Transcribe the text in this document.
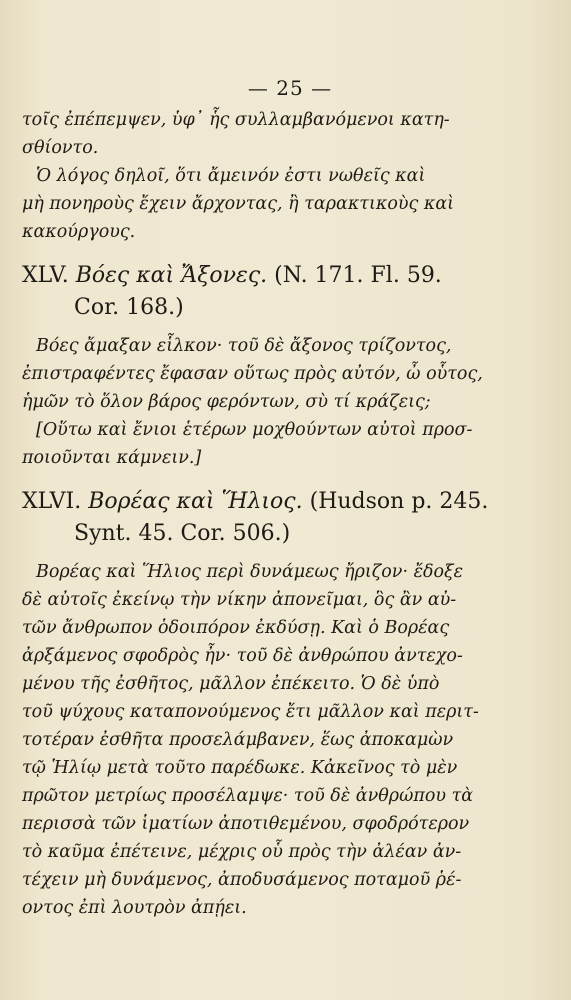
— 25 —
τοῖς ἐπέπεμψεν, ὑφ᾽ ἧς συλλαμβανόμενοι κατη-
σθίοντο.
Ὁ λόγος δηλοῖ, ὅτι ἄμεινόν ἐστι νωθεῖς καὶ
μὴ πονηροὺς ἔχειν ἄρχοντας, ἢ ταρακτικοὺς καὶ
κακούργους.
XLV. Βόες καὶ Ἄξονες. (N. 171. Fl. 59.
Cor. 168.)
Βόες ἄμαξαν εἷλκον· τοῦ δὲ ἄξονος τρίζοντος,
ἐπιστραφέντες ἔφασαν οὕτως πρὸς αὐτόν, ὦ οὗτος,
ἡμῶν τὸ ὅλον βάρος φερόντων, σὺ τί κράζεις;
[Οὕτω καὶ ἔνιοι ἑτέρων μοχθούντων αὐτοὶ προσ-
ποιοῦνται κάμνειν.]
XLVI. Βορέας καὶ Ἥλιος. (Hudson p. 245.
Synt. 45. Cor. 506.)
Βορέας καὶ Ἥλιος περὶ δυνάμεως ἤριζον· ἔδοξε
δὲ αὐτοῖς ἐκείνῳ τὴν νίκην ἀπονεῖμαι, ὃς ἂν αὐ-
τῶν ἄνθρωπον ὁδοιπόρον ἐκδύσῃ. Καὶ ὁ Βορέας
ἀρξάμενος σφοδρὸς ἦν· τοῦ δὲ ἀνθρώπου ἀντεχο-
μένου τῆς ἐσθῆτος, μᾶλλον ἐπέκειτο. Ὁ δὲ ὑπὸ
τοῦ ψύχους καταπονούμενος ἔτι μᾶλλον καὶ περιτ-
τοτέραν ἐσθῆτα προσελάμβανεν, ἕως ἀποκαμὼν
τῷ Ἡλίῳ μετὰ τοῦτο παρέδωκε. Κἀκεῖνος τὸ μὲν
πρῶτον μετρίως προσέλαμψε· τοῦ δὲ ἀνθρώπου τὰ
περισσὰ τῶν ἱματίων ἀποτιθεμένου, σφοδρότερον
τὸ καῦμα ἐπέτεινε, μέχρις οὗ πρὸς τὴν ἀλέαν ἀν-
τέχειν μὴ δυνάμενος, ἀποδυσάμενος ποταμοῦ ῥέ-
οντος ἐπὶ λουτρὸν ἀπῄει.
